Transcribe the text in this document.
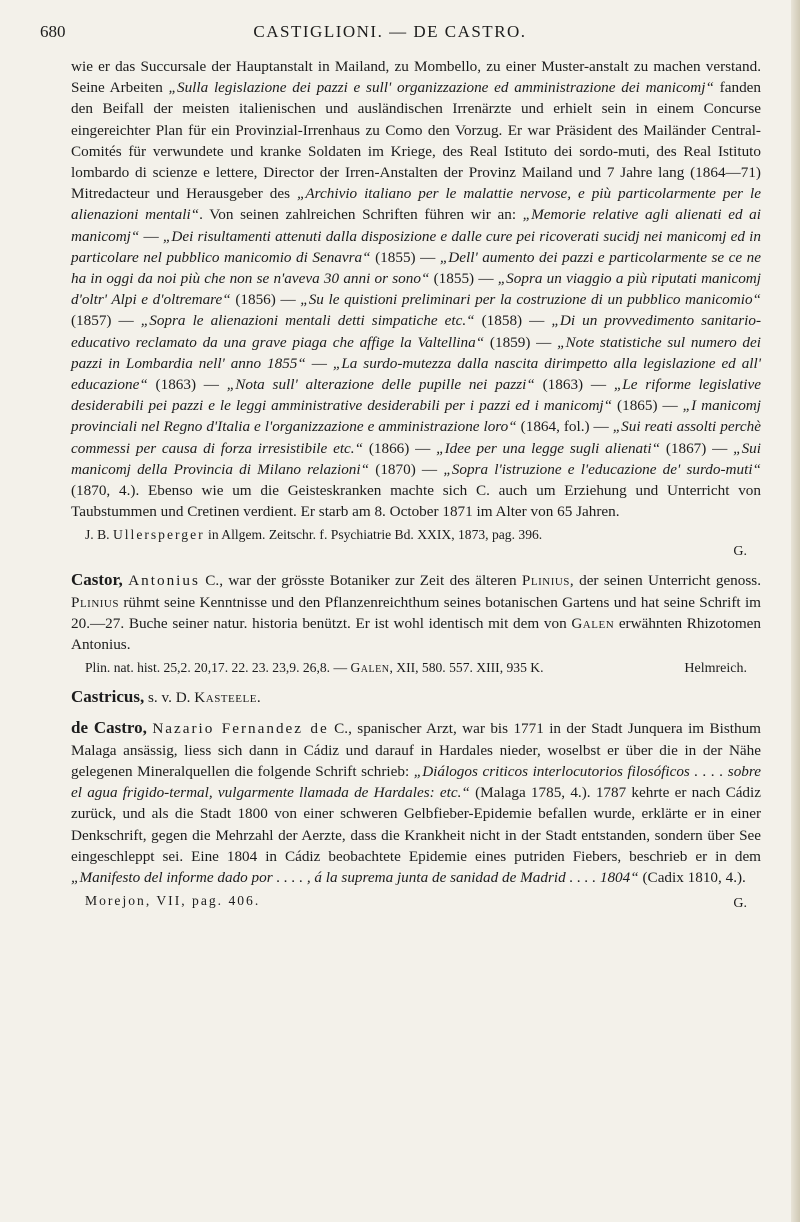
680	CASTIGLIONI. — DE CASTRO.

wie er das Succursale der Hauptanstalt in Mailand, zu Mombello, zu einer Muster-anstalt zu machen verstand. Seine Arbeiten „Sulla legislazione dei pazzi e sull' organizzazione ed amministrazione dei manicomj“ fanden den Beifall der meisten italienischen und ausländischen Irrenärzte und erhielt sein in einem Concurse eingereichter Plan für ein Provinzial-Irrenhaus zu Como den Vorzug. Er war Präsident des Mailänder Central-Comités für verwundete und kranke Soldaten im Kriege, des Real Istituto dei sordo-muti, des Real Istituto lombardo di scienze e lettere, Director der Irren-Anstalten der Provinz Mailand und 7 Jahre lang (1864—71) Mitredacteur und Herausgeber des „Archivio italiano per le malattie nervose, e più particolarmente per le alienazioni mentali“. Von seinen zahlreichen Schriften führen wir an: „Memorie relative agli alienati ed ai manicomj“ — „Dei risultamenti attenuti dalla disposizione e dalle cure pei ricoverati sucidj nei manicomj ed in particolare nel pubblico manicomio di Senavra“ (1855) — „Dell' aumento dei pazzi e particolarmente se ce ne ha in oggi da noi più che non se n'aveva 30 anni or sono“ (1855) — „Sopra un viaggio a più riputati manicomj d'oltr' Alpi e d'oltremare“ (1856) — „Su le quistioni preliminari per la costruzione di un pubblico manicomio“ (1857) — „Sopra le alienazioni mentali detti simpatiche etc.“ (1858) — „Di un provvedimento sanitario-educativo reclamato da una grave piaga che affige la Valtellina“ (1859) — „Note statistiche sul numero dei pazzi in Lombardia nell' anno 1855“ — „La surdo-mutezza dalla nascita dirimpetto alla legislazione ed all' educazione“ (1863) — „Nota sull' alterazione delle pupille nei pazzi“ (1863) — „Le riforme legislative desiderabili pei pazzi e le leggi amministrative desiderabili per i pazzi ed i manicomj“ (1865) — „I manicomj provinciali nel Regno d'Italia e l'organizzazione e amministrazione loro“ (1864, fol.) — „Sui reati assolti perchè commessi per causa di forza irresistibile etc.“ (1866) — „Idee per una legge sugli alienati“ (1867) — „Sui manicomj della Provincia di Milano relazioni“ (1870) — „Sopra l'istruzione e l'educazione de' surdo-muti“ (1870, 4.). Ebenso wie um die Geisteskranken machte sich C. auch um Erziehung und Unterricht von Taubstummen und Cretinen verdient. Er starb am 8. October 1871 im Alter von 65 Jahren.

J. B. Ullersperger in Allgem. Zeitschr. f. Psychiatrie Bd. XXIX, 1873, pag. 396.
G.

Castor, Antonius C., war der grösste Botaniker zur Zeit des älteren Plinius, der seinen Unterricht genoss. Plinius rühmt seine Kenntnisse und den Pflanzenreichthum seines botanischen Gartens und hat seine Schrift im 20.—27. Buche seiner natur. historia benützt. Er ist wohl identisch mit dem von Galen erwähnten Rhizotomen Antonius.

Plin. nat. hist. 25,2. 20,17. 22. 23. 23,9. 26,8. — Galen, XII, 580. 557. XIII, 935 K.	Helmreich.

Castricus, s. v. D. Kasteele.

de Castro, Nazario Fernandez de C., spanischer Arzt, war bis 1771 in der Stadt Junquera im Bisthum Malaga ansässig, liess sich dann in Cádiz und darauf in Hardales nieder, woselbst er über die in der Nähe gelegenen Mineralquellen die folgende Schrift schrieb: „Diálogos criticos interlocutorios filosóficos . . . . sobre el agua frigido-termal, vulgarmente llamada de Hardales: etc.“ (Malaga 1785, 4.). 1787 kehrte er nach Cádiz zurück, und als die Stadt 1800 von einer schweren Gelbfieber-Epidemie befallen wurde, erklärte er in einer Denkschrift, gegen die Mehrzahl der Aerzte, dass die Krankheit nicht in der Stadt entstanden, sondern über See eingeschleppt sei. Eine 1804 in Cádiz beobachtete Epidemie eines putriden Fiebers, beschrieb er in dem „Manifesto del informe dado por . . . . , á la suprema junta de sanidad de Madrid . . . . 1804“ (Cadix 1810, 4.).

Morejon, VII, pag. 406.	G.
